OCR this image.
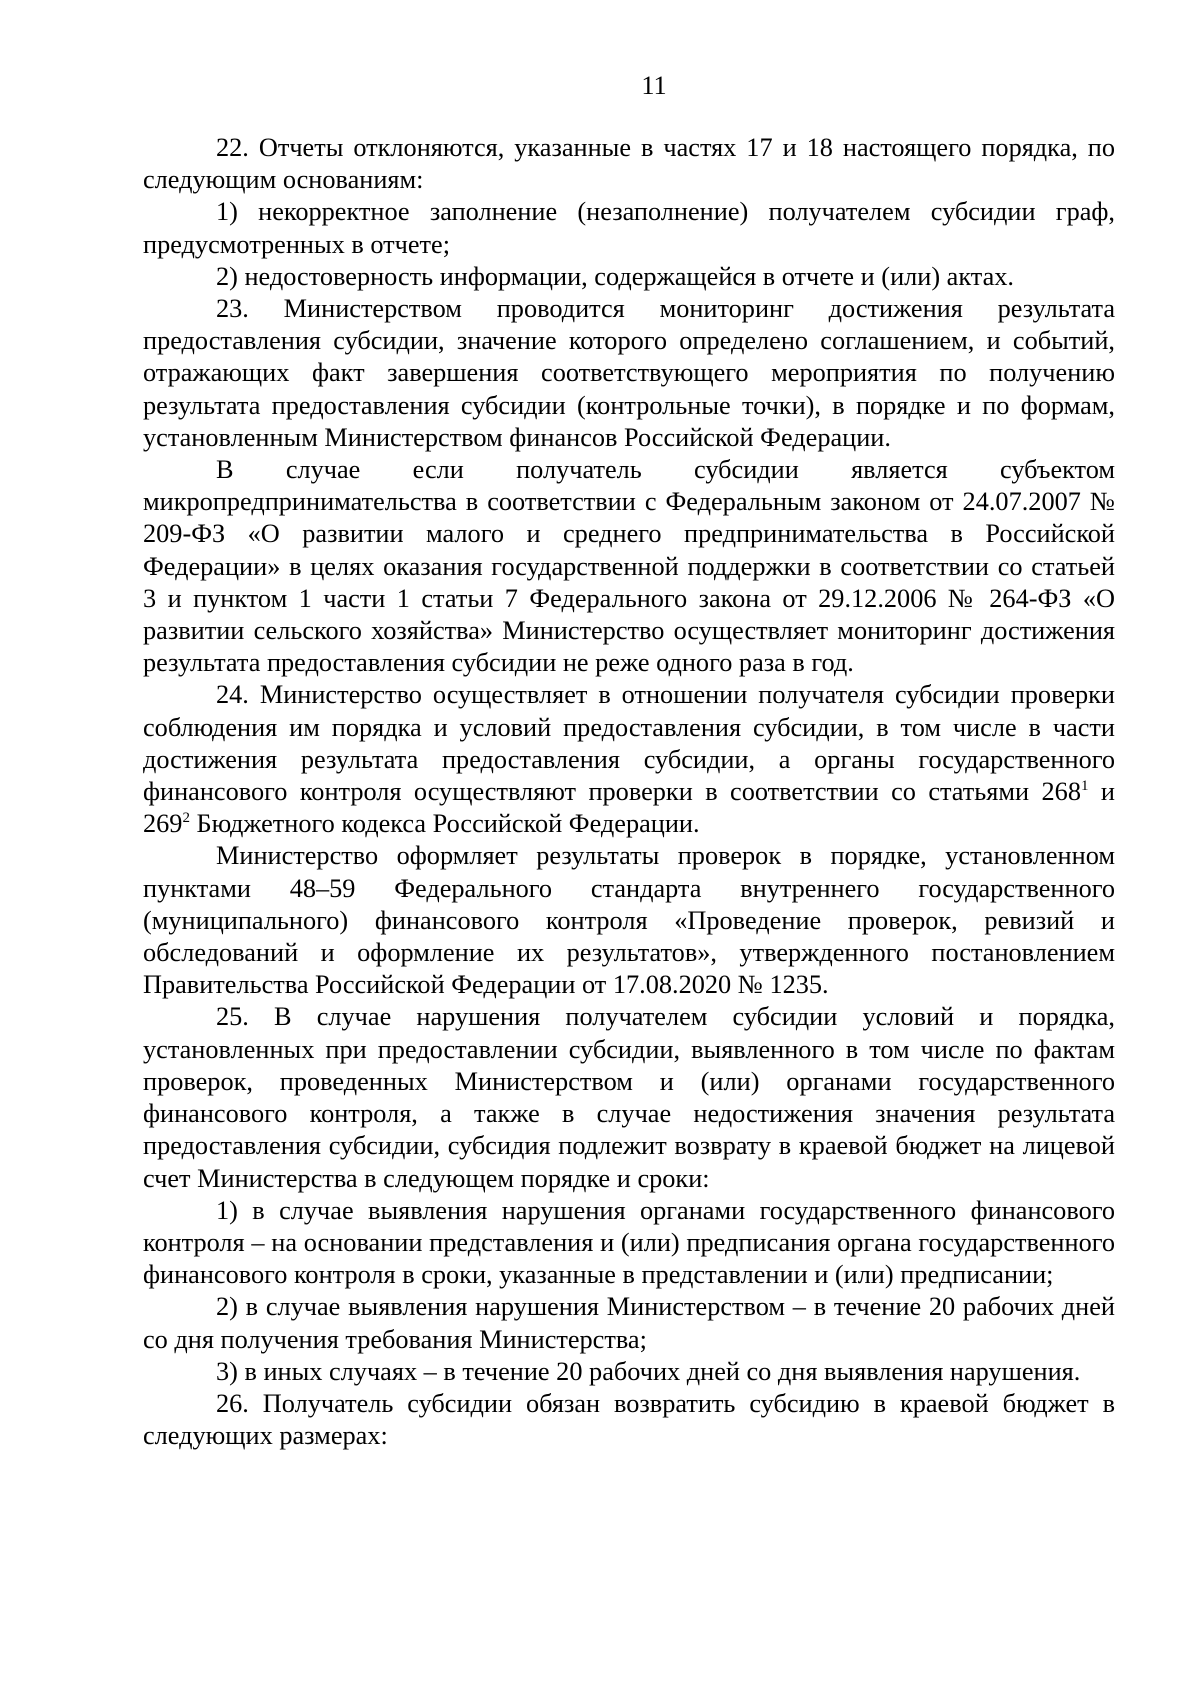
11

22. Отчеты отклоняются, указанные в частях 17 и 18 настоящего порядка, по следующим основаниям:

1) некорректное заполнение (незаполнение) получателем субсидии граф, предусмотренных в отчете;

2) недостоверность информации, содержащейся в отчете и (или) актах.

23. Министерством проводится мониторинг достижения результата предоставления субсидии, значение которого определено соглашением, и событий, отражающих факт завершения соответствующего мероприятия по получению результата предоставления субсидии (контрольные точки), в порядке и по формам, установленным Министерством финансов Российской Федерации.

В случае если получатель субсидии является субъектом микропредпринимательства в соответствии с Федеральным законом от 24.07.2007 № 209-ФЗ «О развитии малого и среднего предпринимательства в Российской Федерации» в целях оказания государственной поддержки в соответствии со статьей 3 и пунктом 1 части 1 статьи 7 Федерального закона от 29.12.2006 № 264-ФЗ «О развитии сельского хозяйства» Министерство осуществляет мониторинг достижения результата предоставления субсидии не реже одного раза в год.

24. Министерство осуществляет в отношении получателя субсидии проверки соблюдения им порядка и условий предоставления субсидии, в том числе в части достижения результата предоставления субсидии, а органы государственного финансового контроля осуществляют проверки в соответствии со статьями $268^1$ и $269^2$ Бюджетного кодекса Российской Федерации.

Министерство оформляет результаты проверок в порядке, установленном пунктами 48–59 Федерального стандарта внутреннего государственного (муниципального) финансового контроля «Проведение проверок, ревизий и обследований и оформление их результатов», утвержденного постановлением Правительства Российской Федерации от 17.08.2020 № 1235.

25. В случае нарушения получателем субсидии условий и порядка, установленных при предоставлении субсидии, выявленного в том числе по фактам проверок, проведенных Министерством и (или) органами государственного финансового контроля, а также в случае недостижения значения результата предоставления субсидии, субсидия подлежит возврату в краевой бюджет на лицевой счет Министерства в следующем порядке и сроки:

1) в случае выявления нарушения органами государственного финансового контроля – на основании представления и (или) предписания органа государственного финансового контроля в сроки, указанные в представлении и (или) предписании;

2) в случае выявления нарушения Министерством – в течение 20 рабочих дней со дня получения требования Министерства;

3) в иных случаях – в течение 20 рабочих дней со дня выявления нарушения.

26. Получатель субсидии обязан возвратить субсидию в краевой бюджет в следующих размерах:
